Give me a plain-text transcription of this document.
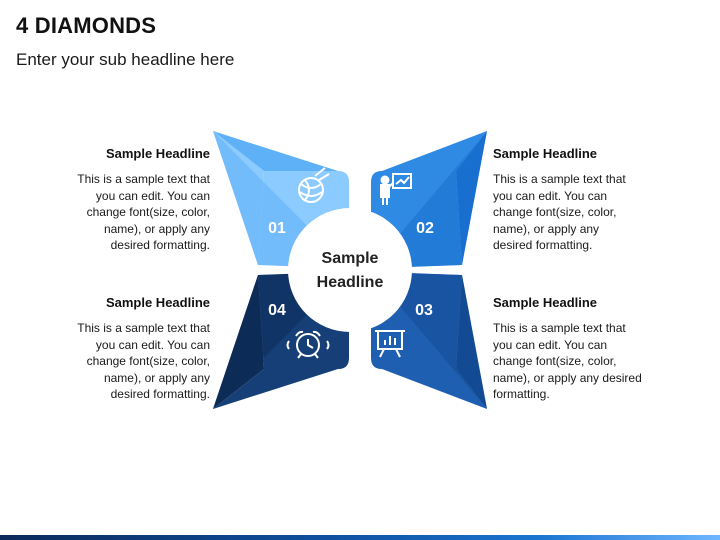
4 DIAMONDS
Enter your sub headline here
01	02
03
04
Sample
Headline
Sample Headline

This is a sample text that
you can edit. You can
change font(size, color,
name), or apply any
desired formatting.

Sample Headline

This is a sample text that
you can edit. You can
change font(size, color,
name), or apply any
desired formatting.

Sample Headline

This is a sample text that
you can edit. You can
change font(size, color,
name), or apply any desired
formatting.

Sample Headline

This is a sample text that
you can edit. You can
change font(size, color,
name), or apply any
desired formatting.
